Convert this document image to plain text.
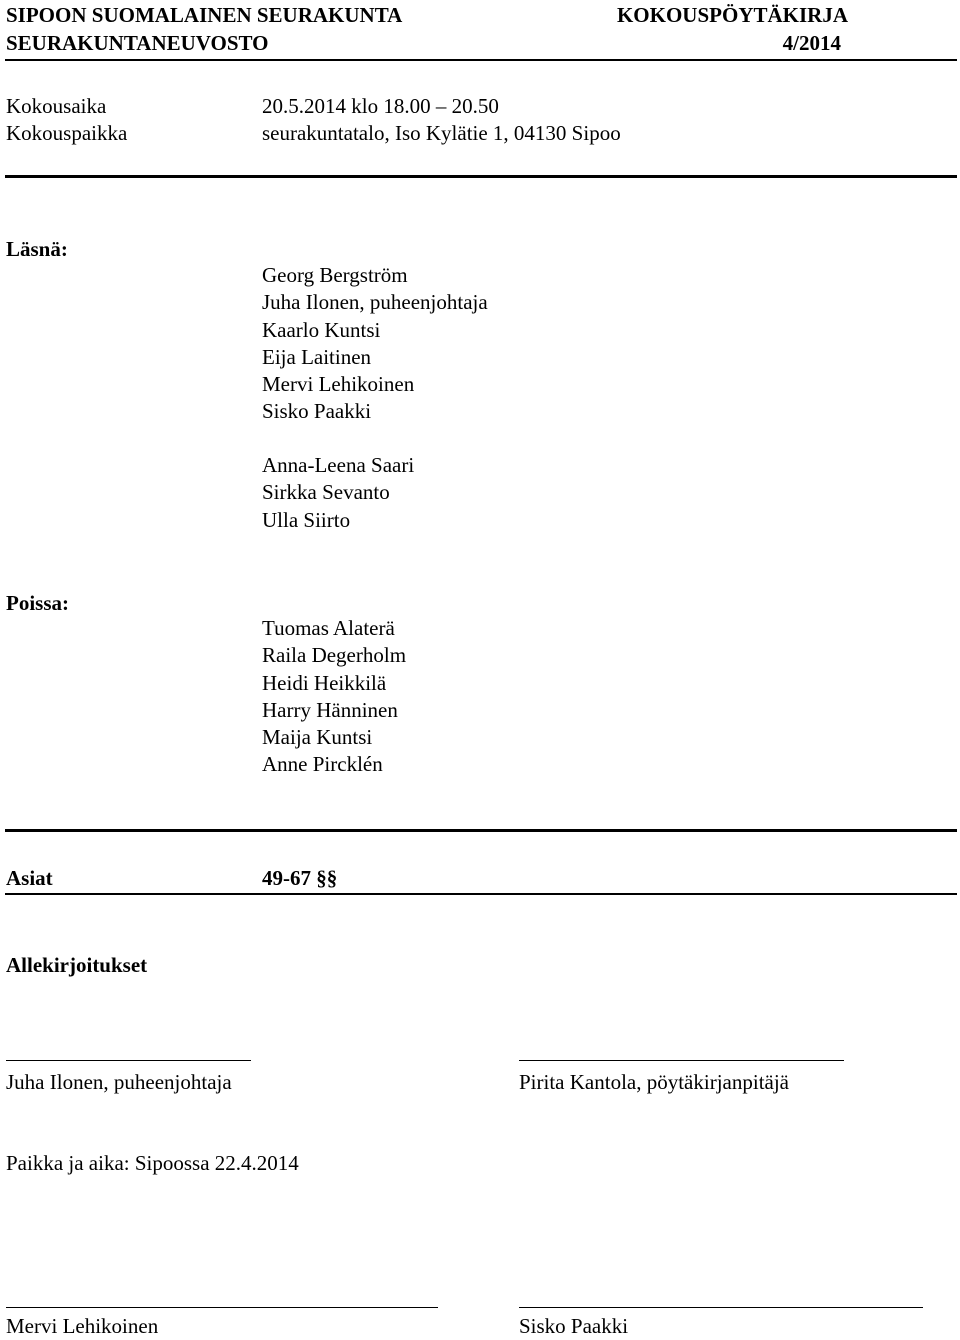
SIPOON SUOMALAINEN SEURAKUNTA	KOKOUSPÖYTÄKIRJA
SEURAKUNTANEUVOSTO	4/2014
Kokousaika	20.5.2014 klo 18.00 – 20.50
Kokouspaikka	seurakuntatalo, Iso Kylätie 1, 04130 Sipoo
Läsnä:
Georg Bergström
Juha Ilonen, puheenjohtaja
Kaarlo Kuntsi
Eija Laitinen
Mervi Lehikoinen
Sisko Paakki
Anna-Leena Saari
Sirkka Sevanto
Ulla Siirto
Poissa:
Tuomas Alaterä
Raila Degerholm
Heidi Heikkilä
Harry Hänninen
Maija Kuntsi
Anne Pircklén
Asiat	49-67 §§
Allekirjoitukset
Juha Ilonen, puheenjohtaja	Pirita Kantola, pöytäkirjanpitäjä
Paikka ja aika: Sipoossa 22.4.2014
Mervi Lehikoinen	Sisko Paakki
